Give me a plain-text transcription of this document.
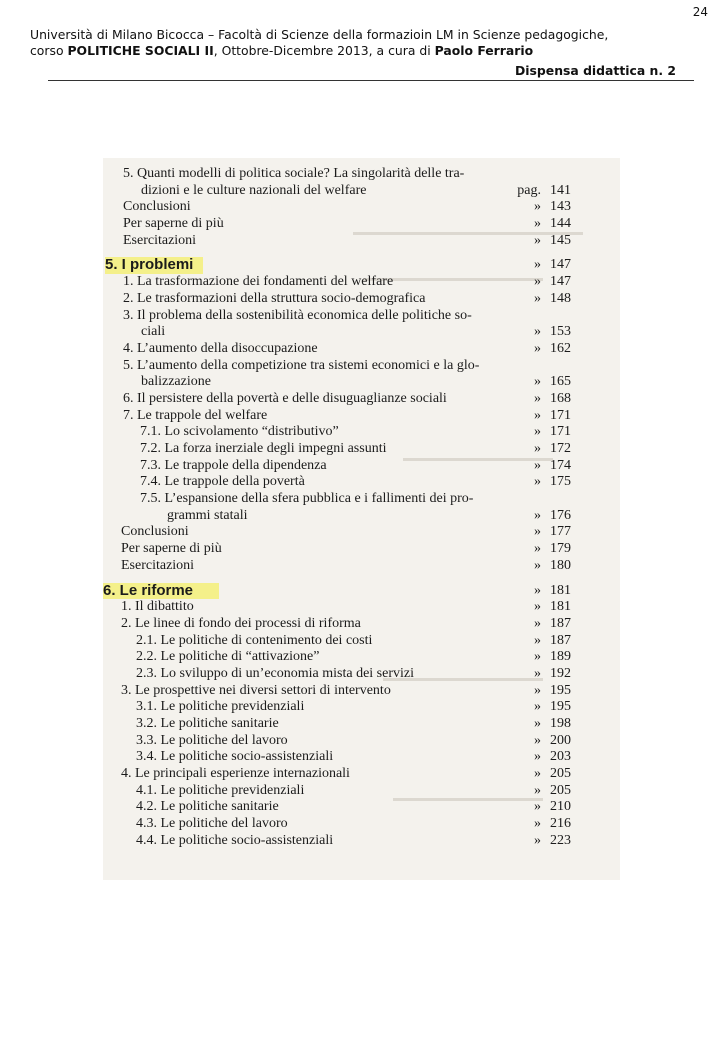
24
Università di Milano Bicocca – Facoltà di Scienze della formazioin LM in Scienze pedagogiche,
corso POLITICHE SOCIALI II, Ottobre-Dicembre 2013, a cura di Paolo Ferrario
Dispensa didattica n. 2
5. Quanti modelli di politica sociale? La singolarità delle tra-
dizioni e le culture nazionali del welfare	pag. 141
Conclusioni	» 143
Per saperne di più	» 144
Esercitazioni	» 145
5. I problemi	» 147
1. La trasformazione dei fondamenti del welfare	» 147
2. Le trasformazioni della struttura socio-demografica	» 148
3. Il problema della sostenibilità economica delle politiche so-
ciali	» 153
4. L’aumento della disoccupazione	» 162
5. L’aumento della competizione tra sistemi economici e la glo-
balizzazione	» 165
6. Il persistere della povertà e delle disuguaglianze sociali	» 168
7. Le trappole del welfare	» 171
7.1. Lo scivolamento “distributivo”	» 171
7.2. La forza inerziale degli impegni assunti	» 172
7.3. Le trappole della dipendenza	» 174
7.4. Le trappole della povertà	» 175
7.5. L’espansione della sfera pubblica e i fallimenti dei pro-
grammi statali	» 176
Conclusioni	» 177
Per saperne di più	» 179
Esercitazioni	» 180
6. Le riforme	» 181
1. Il dibattito	» 181
2. Le linee di fondo dei processi di riforma	» 187
2.1. Le politiche di contenimento dei costi	» 187
2.2. Le politiche di “attivazione”	» 189
2.3. Lo sviluppo di un’economia mista dei servizi	» 192
3. Le prospettive nei diversi settori di intervento	» 195
3.1. Le politiche previdenziali	» 195
3.2. Le politiche sanitarie	» 198
3.3. Le politiche del lavoro	» 200
3.4. Le politiche socio-assistenziali	» 203
4. Le principali esperienze internazionali	» 205
4.1. Le politiche previdenziali	» 205
4.2. Le politiche sanitarie	» 210
4.3. Le politiche del lavoro	» 216
4.4. Le politiche socio-assistenziali	» 223
